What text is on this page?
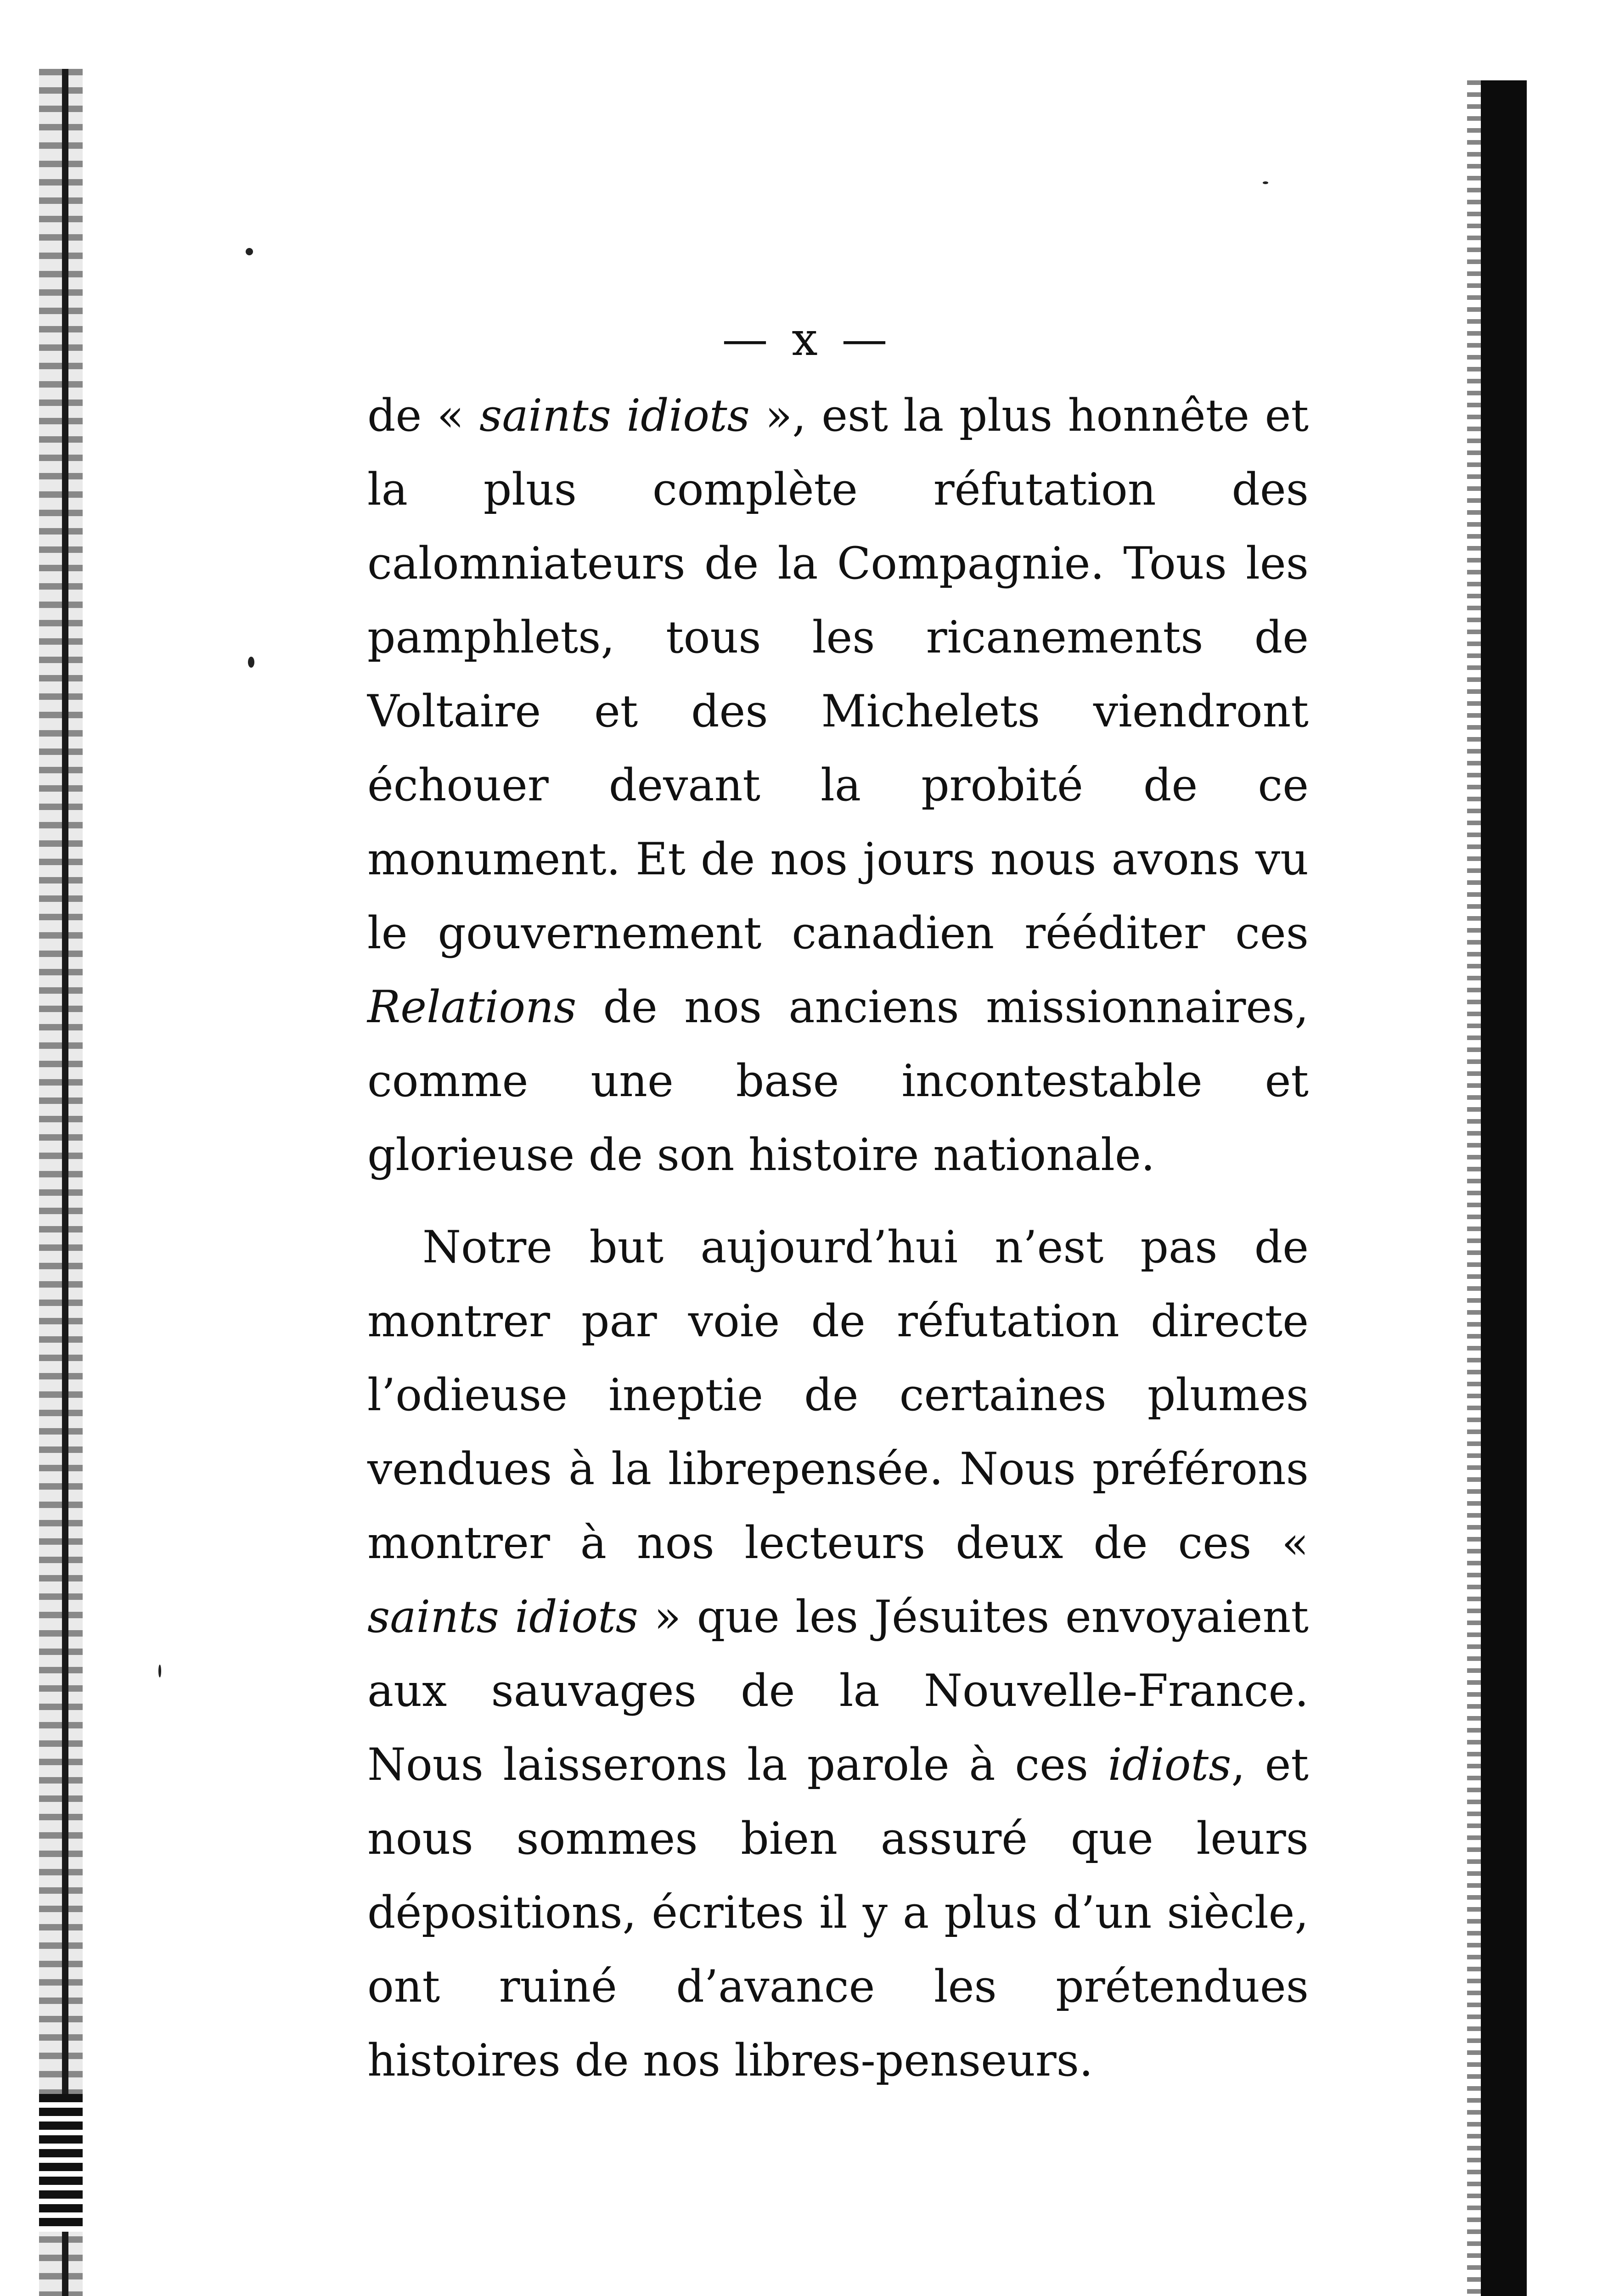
— x —

de « saints idiots », est la plus honnête et la plus complète réfutation des calomniateurs de la Compagnie. Tous les pamphlets, tous les ricanements de Voltaire et des Michelets viendront échouer devant la probité de ce monument. Et de nos jours nous avons vu le gouvernement canadien rééditer ces Relations de nos anciens missionnaires, comme une base incontestable et glorieuse de son histoire nationale.

Notre but aujourd’hui n’est pas de montrer par voie de réfutation directe l’odieuse ineptie de certaines plumes vendues à la librepensée. Nous préférons montrer à nos lecteurs deux de ces « saints idiots » que les Jésuites envoyaient aux sauvages de la Nouvelle-France. Nous laisserons la parole à ces idiots, et nous sommes bien assuré que leurs dépositions, écrites il y a plus d’un siècle, ont ruiné d’avance les prétendues histoires de nos libres-penseurs.
